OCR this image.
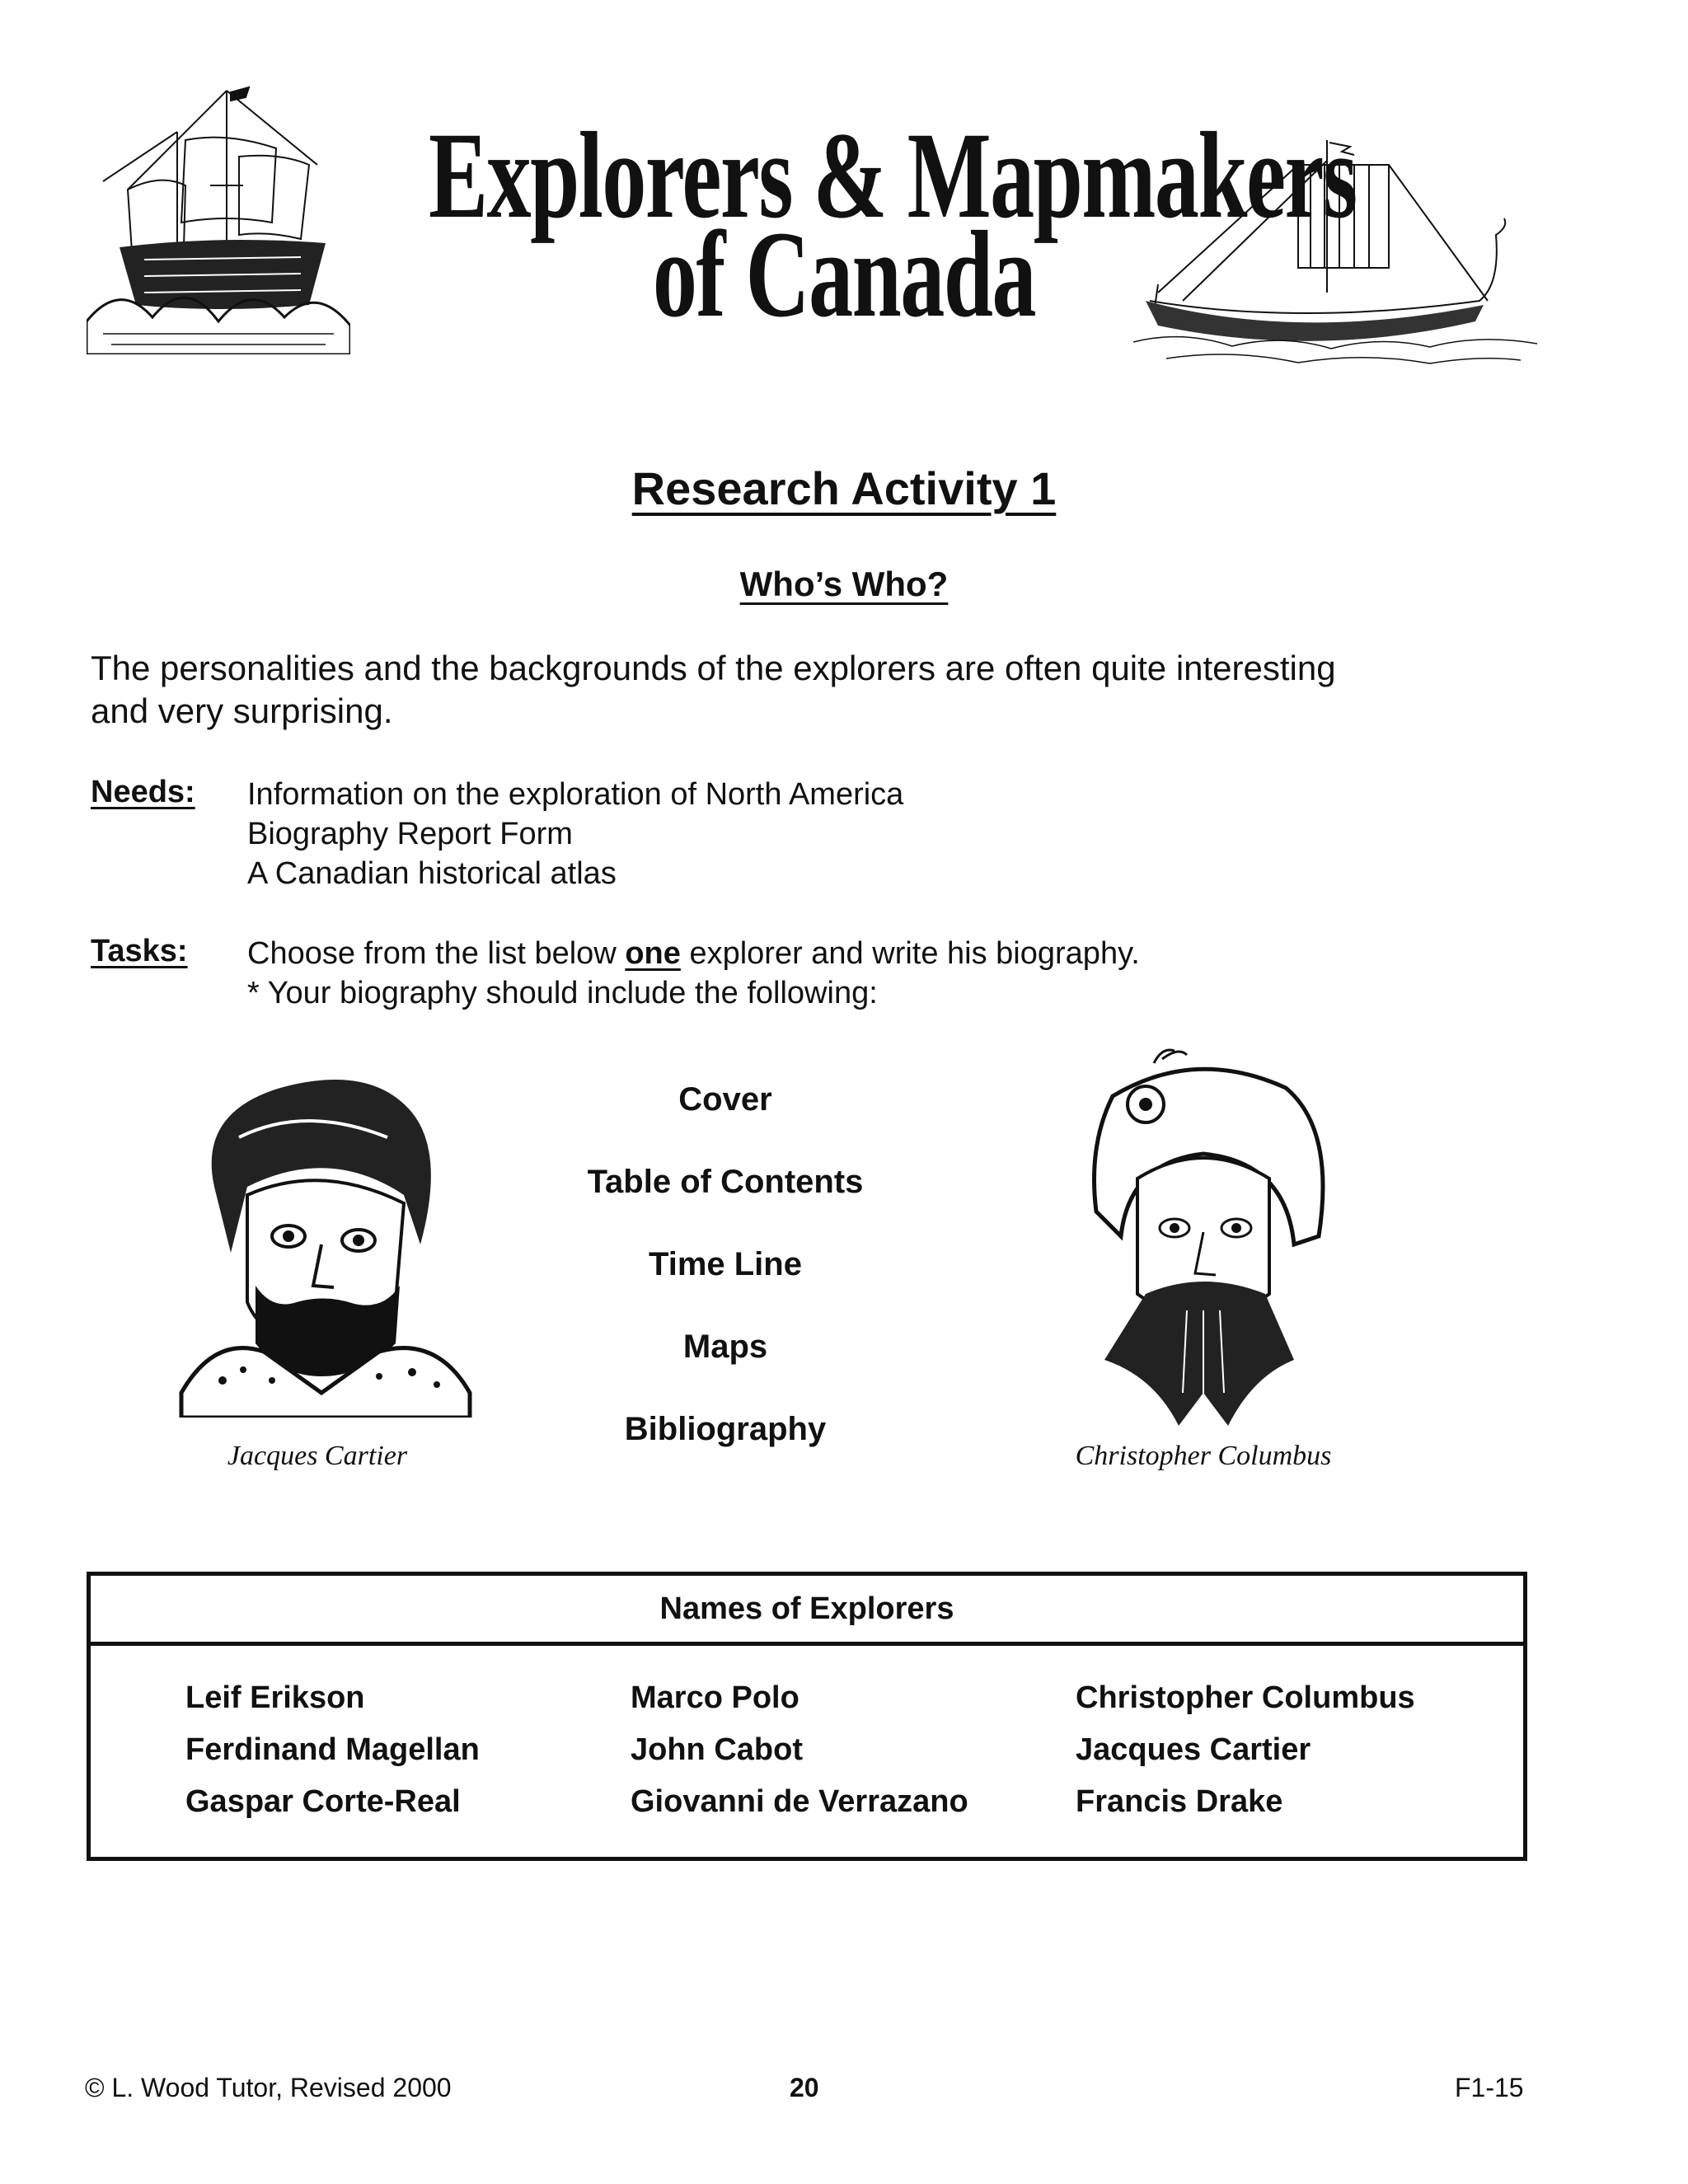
Explorers & Mapmakers
of Canada
Research Activity 1
Who’s Who?
The personalities and the backgrounds of the explorers are often quite interesting
and very surprising.
Needs: Information on the exploration of North America
Biography Report Form
A Canadian historical atlas
Tasks: Choose from the list below one explorer and write his biography.
* Your biography should include the following:
Jacques Cartier	Christopher Columbus
Cover
Table of Contents
Time Line
Maps
Bibliography
Names of Explorers
Leif Erikson	Marco Polo	Christopher Columbus
Ferdinand Magellan	John Cabot	Jacques Cartier
Gaspar Corte-Real	Giovanni de Verrazano	Francis Drake
© L. Wood Tutor, Revised 2000	20	F1-15
